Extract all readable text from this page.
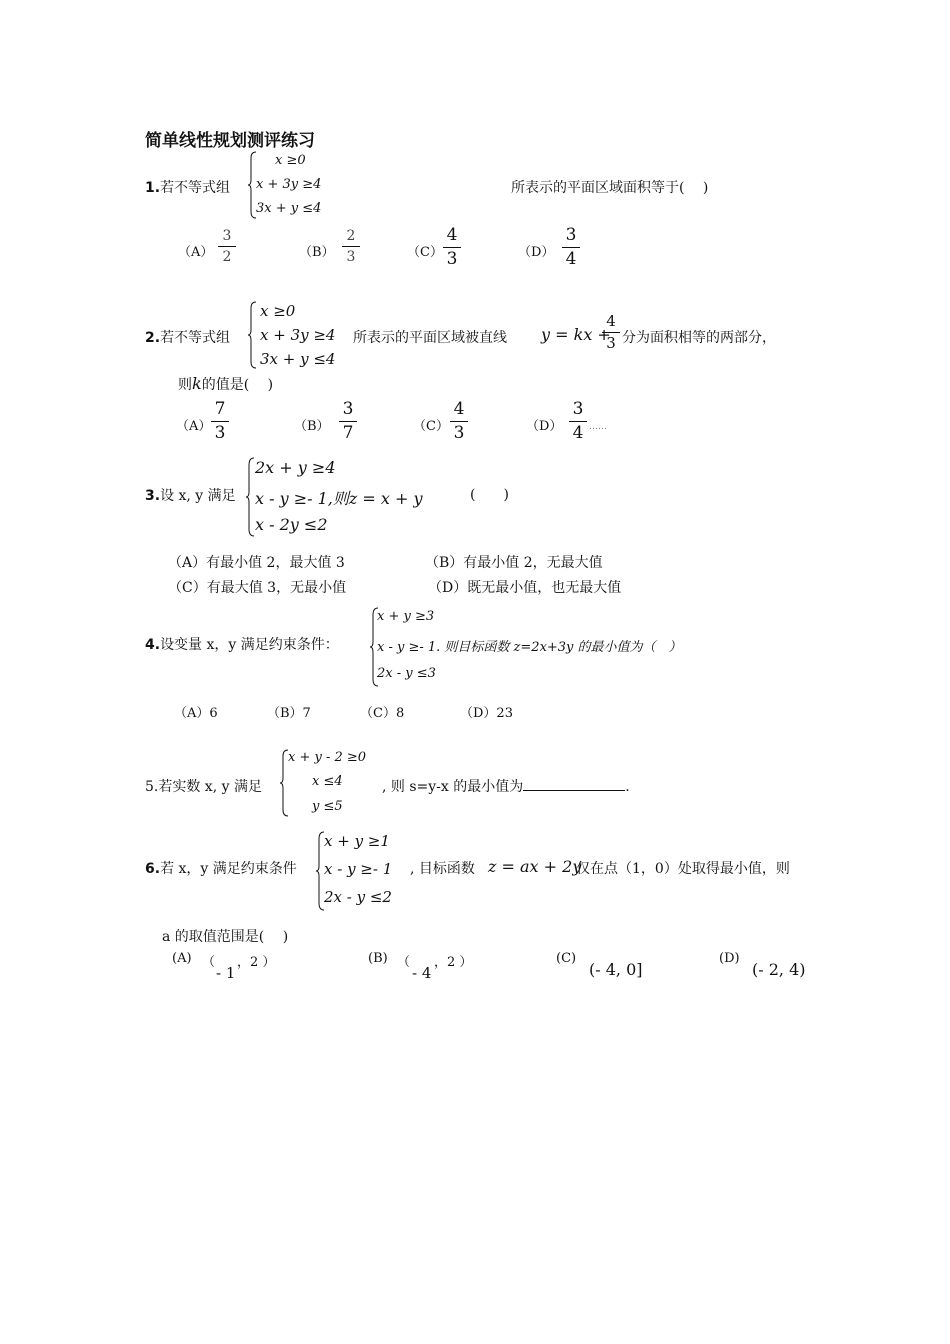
简单线性规划测评练习
1.若不等式组
x ≥0
x + 3y ≥4
3x + y ≤4
所表示的平面区域面积等于(　 )
（A）
3
2	（B）
2
3	（C）
4
3	（D）
3
4
2.若不等式组
x ≥0
x + 3y ≥4
3x + y ≤4
所表示的平面区域被直线 y = kx +
4
3 分为面积相等的两部分，
则k的值是(　 )
（A）
7
3	（B）
3
7	（C）
4
3	（D）
3
4 ……
3.设 x, y 满足
2x + y ≥4
x - y ≥- 1,则z = x + y
x - 2y ≤2
(　　)
（A）有最小值 2，最大值 3	（B）有最小值 2，无最大值
（C）有最大值 3，无最小值	（D）既无最小值，也无最大值
4.设变量 x，y 满足约束条件：
x + y ≥3
x - y ≥- 1. 则目标函数 z=2x+3y 的最小值为（　）
2x - y ≤3
（A）6	（B）7	（C）8	（D）23
5.若实数 x, y 满足
x + y - 2 ≥0
x ≤4
y ≤5
, 则 s=y-x 的最小值为	.
6.若 x，y 满足约束条件
x + y ≥1
x - y ≥- 1
2x - y ≤2
, 目标函数 z = ax + 2y
仅在点（1，0）处取得最小值，则
a 的取值范围是(　 )
(A) （
- 1
，2 ）	(B) （
- 4
，2 ）	(C)
(- 4, 0]
(D)
(- 2, 4)
